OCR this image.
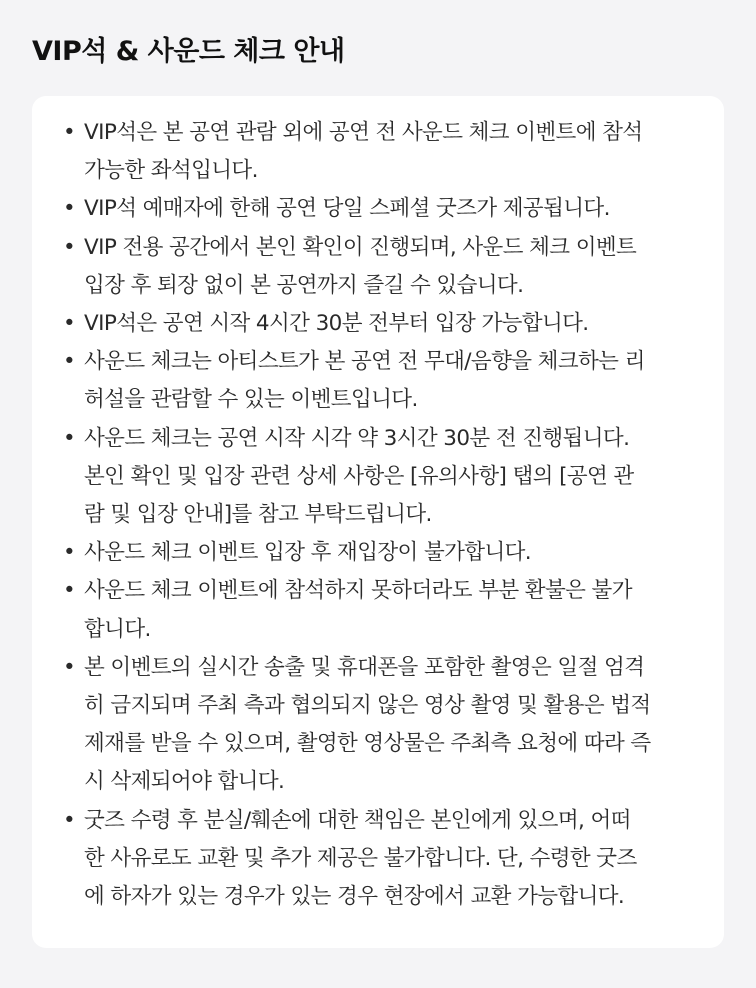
VIP석 & 사운드 체크 안내
• VIP석은 본 공연 관람 외에 공연 전 사운드 체크 이벤트에 참석
가능한 좌석입니다.
• VIP석 예매자에 한해 공연 당일 스페셜 굿즈가 제공됩니다.
• VIP 전용 공간에서 본인 확인이 진행되며, 사운드 체크 이벤트
입장 후 퇴장 없이 본 공연까지 즐길 수 있습니다.
• VIP석은 공연 시작 4시간 30분 전부터 입장 가능합니다.
• 사운드 체크는 아티스트가 본 공연 전 무대/음향을 체크하는 리
허설을 관람할 수 있는 이벤트입니다.
• 사운드 체크는 공연 시작 시각 약 3시간 30분 전 진행됩니다.
본인 확인 및 입장 관련 상세 사항은 [유의사항] 탭의 [공연 관
람 및 입장 안내]를 참고 부탁드립니다.
• 사운드 체크 이벤트 입장 후 재입장이 불가합니다.
• 사운드 체크 이벤트에 참석하지 못하더라도 부분 환불은 불가
합니다.
• 본 이벤트의 실시간 송출 및 휴대폰을 포함한 촬영은 일절 엄격
히 금지되며 주최 측과 협의되지 않은 영상 촬영 및 활용은 법적
제재를 받을 수 있으며, 촬영한 영상물은 주최측 요청에 따라 즉
시 삭제되어야 합니다.
• 굿즈 수령 후 분실/훼손에 대한 책임은 본인에게 있으며, 어떠
한 사유로도 교환 및 추가 제공은 불가합니다. 단, 수령한 굿즈
에 하자가 있는 경우가 있는 경우 현장에서 교환 가능합니다.
